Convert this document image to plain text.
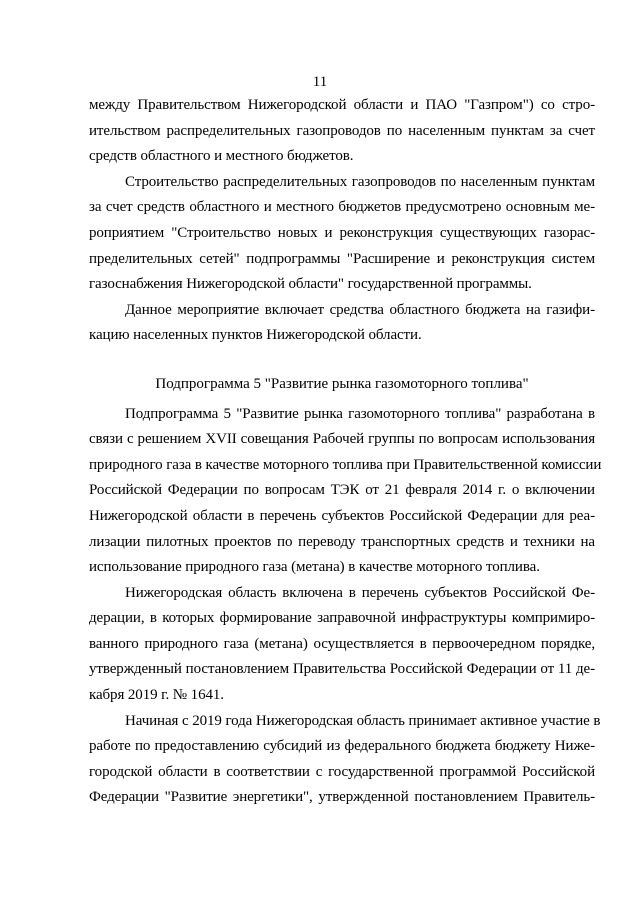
11
между Правительством Нижегородской области и ПАО "Газпром") со стро-
ительством распределительных газопроводов по населенным пунктам за счет
средств областного и местного бюджетов.
Строительство распределительных газопроводов по населенным пунктам
за счет средств областного и местного бюджетов предусмотрено основным ме-
роприятием "Строительство новых и реконструкция существующих газорас-
пределительных сетей" подпрограммы "Расширение и реконструкция систем
газоснабжения Нижегородской области" государственной программы.
Данное мероприятие включает средства областного бюджета на газифи-
кацию населенных пунктов Нижегородской области.
Подпрограмма 5 "Развитие рынка газомоторного топлива"
Подпрограмма 5 "Развитие рынка газомоторного топлива" разработана в
связи с решением XVII совещания Рабочей группы по вопросам использования
природного газа в качестве моторного топлива при Правительственной комиссии
Российской Федерации по вопросам ТЭК от 21 февраля 2014 г. о включении
Нижегородской области в перечень субъектов Российской Федерации для реа-
лизации пилотных проектов по переводу транспортных средств и техники на
использование природного газа (метана) в качестве моторного топлива.
Нижегородская область включена в перечень субъектов Российской Фе-
дерации, в которых формирование заправочной инфраструктуры компримиро-
ванного природного газа (метана) осуществляется в первоочередном порядке,
утвержденный постановлением Правительства Российской Федерации от 11 де-
кабря 2019 г. № 1641.
Начиная с 2019 года Нижегородская область принимает активное участие в
работе по предоставлению субсидий из федерального бюджета бюджету Ниже-
городской области в соответствии с государственной программой Российской
Федерации "Развитие энергетики", утвержденной постановлением Правитель-
